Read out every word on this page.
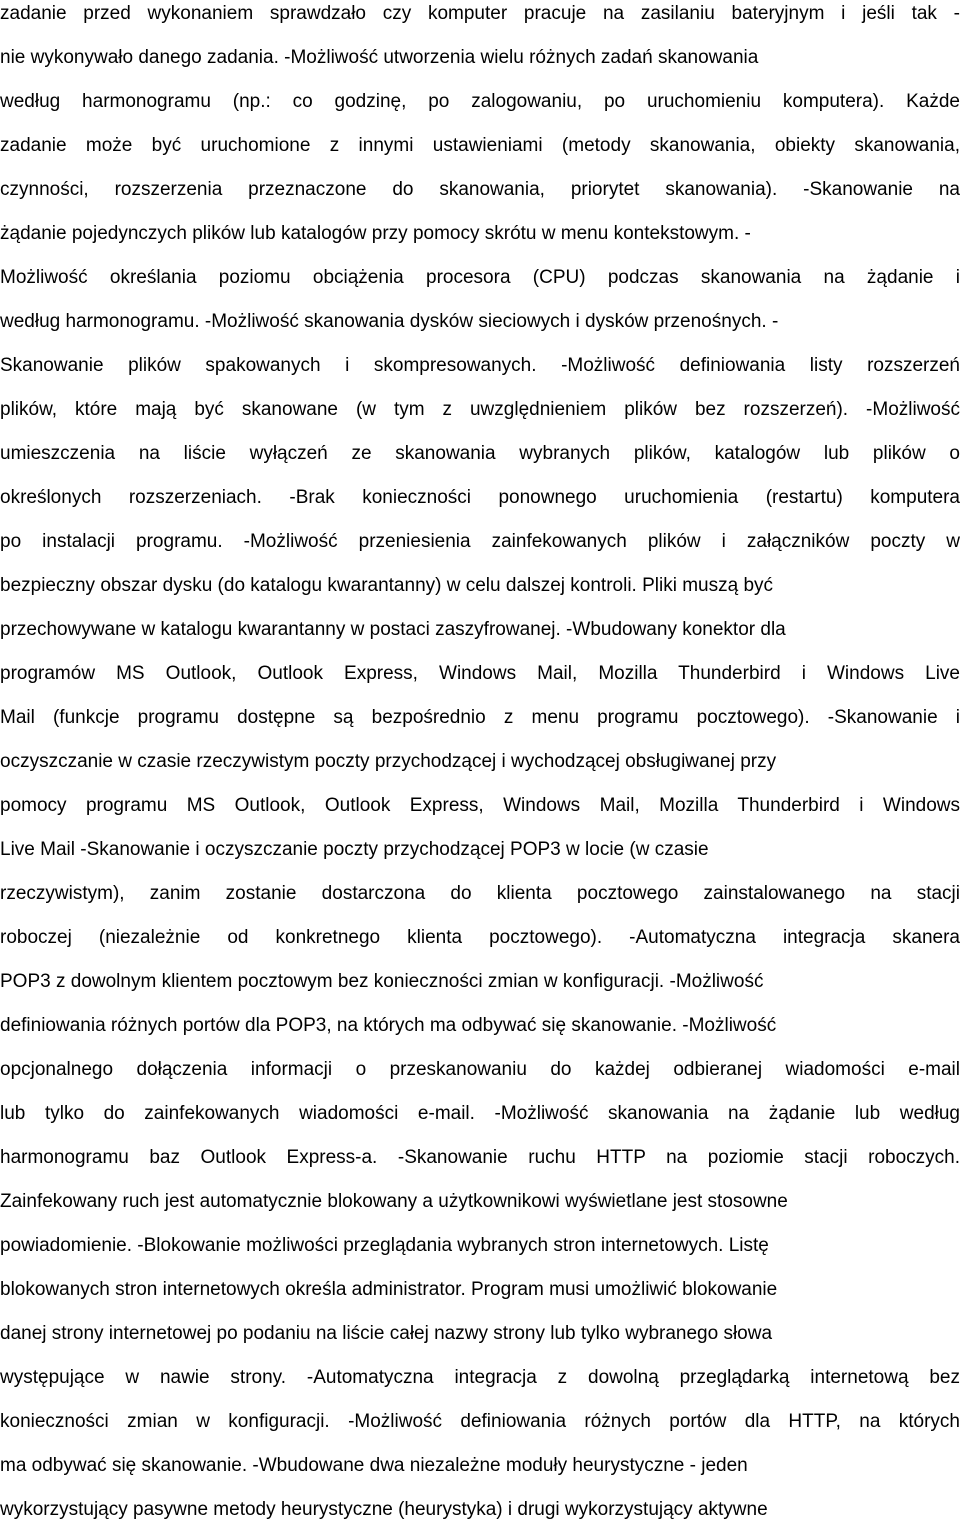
zadanie przed wykonaniem sprawdzało czy komputer pracuje na zasilaniu bateryjnym i jeśli tak -

nie wykonywało danego zadania. -Możliwość utworzenia wielu różnych zadań skanowania

według harmonogramu (np.: co godzinę, po zalogowaniu, po uruchomieniu komputera). Każde

zadanie może być uruchomione z innymi ustawieniami (metody skanowania, obiekty skanowania,

czynności, rozszerzenia przeznaczone do skanowania, priorytet skanowania). -Skanowanie na

żądanie pojedynczych plików lub katalogów przy pomocy skrótu w menu kontekstowym. -

Możliwość określania poziomu obciążenia procesora (CPU) podczas skanowania na żądanie i

według harmonogramu. -Możliwość skanowania dysków sieciowych i dysków przenośnych. -

Skanowanie plików spakowanych i skompresowanych. -Możliwość definiowania listy rozszerzeń

plików, które mają być skanowane (w tym z uwzględnieniem plików bez rozszerzeń). -Możliwość

umieszczenia na liście wyłączeń ze skanowania wybranych plików, katalogów lub plików o

określonych rozszerzeniach. -Brak konieczności ponownego uruchomienia (restartu) komputera

po instalacji programu. -Możliwość przeniesienia zainfekowanych plików i załączników poczty w

bezpieczny obszar dysku (do katalogu kwarantanny) w celu dalszej kontroli. Pliki muszą być

przechowywane w katalogu kwarantanny w postaci zaszyfrowanej. -Wbudowany konektor dla

programów MS Outlook, Outlook Express, Windows Mail, Mozilla Thunderbird i Windows Live

Mail (funkcje programu dostępne są bezpośrednio z menu programu pocztowego). -Skanowanie i

oczyszczanie w czasie rzeczywistym poczty przychodzącej i wychodzącej obsługiwanej przy

pomocy programu MS Outlook, Outlook Express, Windows Mail, Mozilla Thunderbird i Windows

Live Mail -Skanowanie i oczyszczanie poczty przychodzącej POP3 w locie (w czasie

rzeczywistym), zanim zostanie dostarczona do klienta pocztowego zainstalowanego na stacji

roboczej (niezależnie od konkretnego klienta pocztowego). -Automatyczna integracja skanera

POP3 z dowolnym klientem pocztowym bez konieczności zmian w konfiguracji. -Możliwość

definiowania różnych portów dla POP3, na których ma odbywać się skanowanie. -Możliwość

opcjonalnego dołączenia informacji o przeskanowaniu do każdej odbieranej wiadomości e-mail

lub tylko do zainfekowanych wiadomości e-mail. -Możliwość skanowania na żądanie lub według

harmonogramu baz Outlook Express-a. -Skanowanie ruchu HTTP na poziomie stacji roboczych.

Zainfekowany ruch jest automatycznie blokowany a użytkownikowi wyświetlane jest stosowne

powiadomienie. -Blokowanie możliwości przeglądania wybranych stron internetowych. Listę

blokowanych stron internetowych określa administrator. Program musi umożliwić blokowanie

danej strony internetowej po podaniu na liście całej nazwy strony lub tylko wybranego słowa

występujące w nawie strony. -Automatyczna integracja z dowolną przeglądarką internetową bez

konieczności zmian w konfiguracji. -Możliwość definiowania różnych portów dla HTTP, na których

ma odbywać się skanowanie. -Wbudowane dwa niezależne moduły heurystyczne - jeden

wykorzystujący pasywne metody heurystyczne (heurystyka) i drugi wykorzystujący aktywne
